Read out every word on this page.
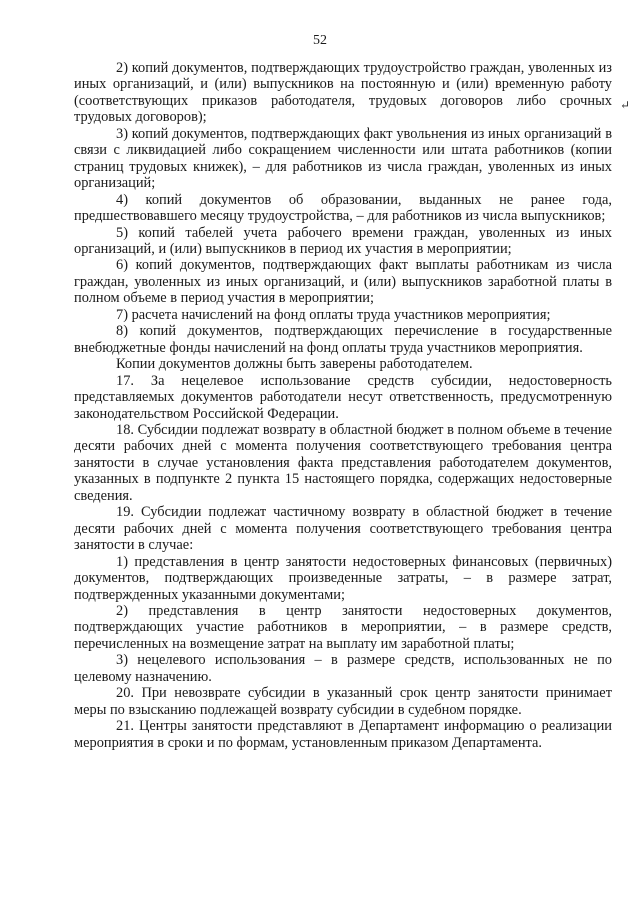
52
↵

2) копий документов, подтверждающих трудоустройство граждан, уволенных из иных организаций, и (или) выпускников на постоянную и (или) временную работу (соответствующих приказов работодателя, трудовых договоров либо срочных трудовых договоров);

3) копий документов, подтверждающих факт увольнения из иных организаций в связи с ликвидацией либо сокращением численности или штата работников (копии страниц трудовых книжек), – для работников из числа граждан, уволенных из иных организаций;

4) копий документов об образовании, выданных не ранее года, предшествовавшего месяцу трудоустройства, – для работников из числа выпускников;

5) копий табелей учета рабочего времени граждан, уволенных из иных организаций, и (или) выпускников в период их участия в мероприятии;

6) копий документов, подтверждающих факт выплаты работникам из числа граждан, уволенных из иных организаций, и (или) выпускников заработной платы в полном объеме в период участия в мероприятии;

7) расчета начислений на фонд оплаты труда участников мероприятия;

8) копий документов, подтверждающих перечисление в государственные внебюджетные фонды начислений на фонд оплаты труда участников мероприятия.

Копии документов должны быть заверены работодателем.

17. За нецелевое использование средств субсидии, недостоверность представляемых документов работодатели несут ответственность, предусмотренную законодательством Российской Федерации.

18. Субсидии подлежат возврату в областной бюджет в полном объеме в течение десяти рабочих дней с момента получения соответствующего требования центра занятости в случае установления факта представления работодателем документов, указанных в подпункте 2 пункта 15 настоящего порядка, содержащих недостоверные сведения.

19. Субсидии подлежат частичному возврату в областной бюджет в течение десяти рабочих дней с момента получения соответствующего требования центра занятости в случае:

1) представления в центр занятости недостоверных финансовых (первичных) документов, подтверждающих произведенные затраты, – в размере затрат, подтвержденных указанными документами;

2) представления в центр занятости недостоверных документов, подтверждающих участие работников в мероприятии, – в размере средств, перечисленных на возмещение затрат на выплату им заработной платы;

3) нецелевого использования – в размере средств, использованных не по целевому назначению.

20. При невозврате субсидии в указанный срок центр занятости принимает меры по взысканию подлежащей возврату субсидии в судебном порядке.

21. Центры занятости представляют в Департамент информацию о реализации мероприятия в сроки и по формам, установленным приказом Департамента.
